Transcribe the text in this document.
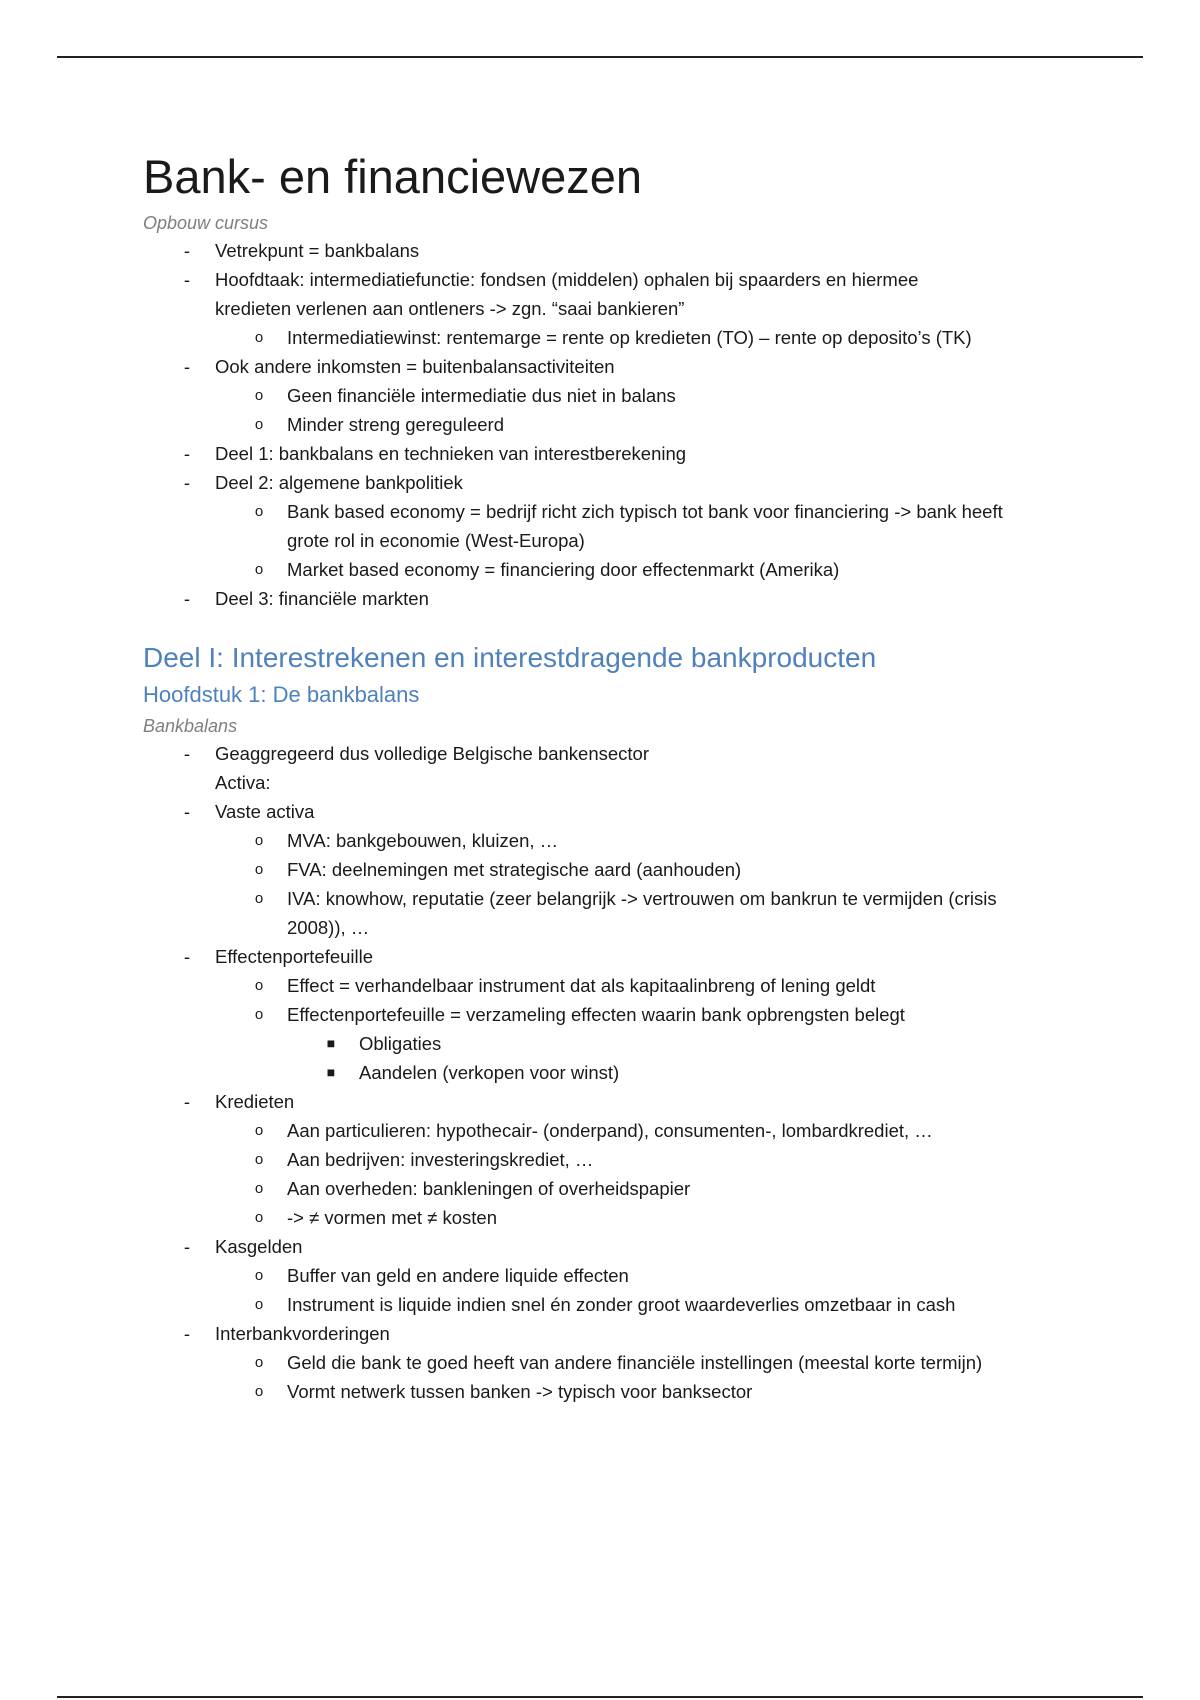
Bank- en financiewezen
Opbouw cursus
- Vetrekpunt = bankbalans
- Hoofdtaak: intermediatiefunctie: fondsen (middelen) ophalen bij spaarders en hiermee
kredieten verlenen aan ontleners -> zgn. “saai bankieren”
o Intermediatiewinst: rentemarge = rente op kredieten (TO) – rente op deposito’s (TK)
- Ook andere inkomsten = buitenbalansactiviteiten
o Geen financiële intermediatie dus niet in balans
o Minder streng gereguleerd
- Deel 1: bankbalans en technieken van interestberekening
- Deel 2: algemene bankpolitiek
o Bank based economy = bedrijf richt zich typisch tot bank voor financiering -> bank heeft
grote rol in economie (West-Europa)
o Market based economy = financiering door effectenmarkt (Amerika)
- Deel 3: financiële markten
Deel I: Interestrekenen en interestdragende bankproducten
Hoofdstuk 1: De bankbalans
Bankbalans
- Geaggregeerd dus volledige Belgische bankensector
Activa:
- Vaste activa
o MVA: bankgebouwen, kluizen, …
o FVA: deelnemingen met strategische aard (aanhouden)
o IVA: knowhow, reputatie (zeer belangrijk -> vertrouwen om bankrun te vermijden (crisis
2008)), …
- Effectenportefeuille
o Effect = verhandelbaar instrument dat als kapitaalinbreng of lening geldt
o Effectenportefeuille = verzameling effecten waarin bank opbrengsten belegt
■ Obligaties
■ Aandelen (verkopen voor winst)
- Kredieten
o Aan particulieren: hypothecair- (onderpand), consumenten-, lombardkrediet, …
o Aan bedrijven: investeringskrediet, …
o Aan overheden: bankleningen of overheidspapier
o -> ≠ vormen met ≠ kosten
- Kasgelden
o Buffer van geld en andere liquide effecten
o Instrument is liquide indien snel én zonder groot waardeverlies omzetbaar in cash
- Interbankvorderingen
o Geld die bank te goed heeft van andere financiële instellingen (meestal korte termijn)
o Vormt netwerk tussen banken -> typisch voor banksector
